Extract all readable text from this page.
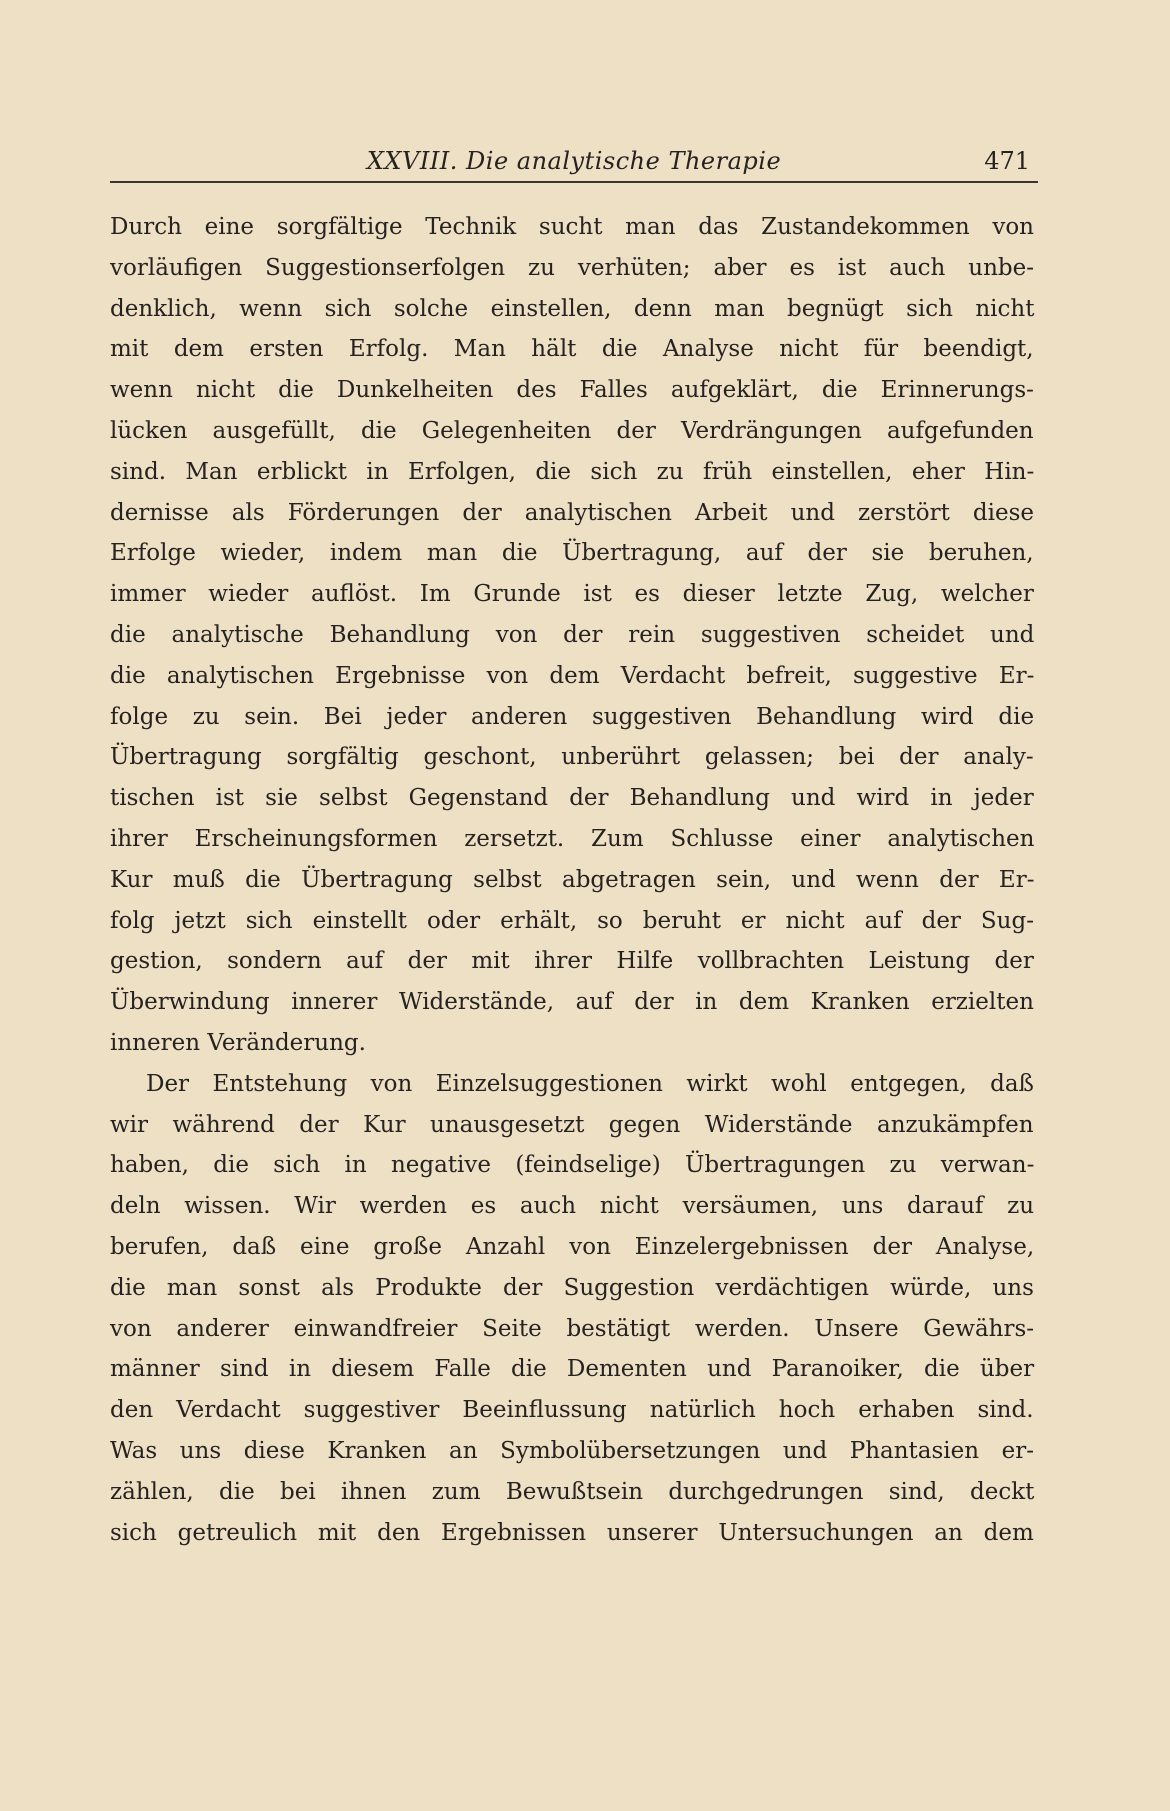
XXVIII. Die analytische Therapie	471
Durch eine sorgfältige Technik sucht man das Zustandekommen von
vorläufigen Suggestionserfolgen zu verhüten; aber es ist auch unbe-
denklich, wenn sich solche einstellen, denn man begnügt sich nicht
mit dem ersten Erfolg. Man hält die Analyse nicht für beendigt,
wenn nicht die Dunkelheiten des Falles aufgeklärt, die Erinnerungs-
lücken ausgefüllt, die Gelegenheiten der Verdrängungen aufgefunden
sind. Man erblickt in Erfolgen, die sich zu früh einstellen, eher Hin-
dernisse als Förderungen der analytischen Arbeit und zerstört diese
Erfolge wieder, indem man die Übertragung, auf der sie beruhen,
immer wieder auflöst. Im Grunde ist es dieser letzte Zug, welcher
die analytische Behandlung von der rein suggestiven scheidet und
die analytischen Ergebnisse von dem Verdacht befreit, suggestive Er-
folge zu sein. Bei jeder anderen suggestiven Behandlung wird die
Übertragung sorgfältig geschont, unberührt gelassen; bei der analy-
tischen ist sie selbst Gegenstand der Behandlung und wird in jeder
ihrer Erscheinungsformen zersetzt. Zum Schlusse einer analytischen
Kur muß die Übertragung selbst abgetragen sein, und wenn der Er-
folg jetzt sich einstellt oder erhält, so beruht er nicht auf der Sug-
gestion, sondern auf der mit ihrer Hilfe vollbrachten Leistung der
Überwindung innerer Widerstände, auf der in dem Kranken erzielten
inneren Veränderung.
Der Entstehung von Einzelsuggestionen wirkt wohl entgegen, daß
wir während der Kur unausgesetzt gegen Widerstände anzukämpfen
haben, die sich in negative (feindselige) Übertragungen zu verwan-
deln wissen. Wir werden es auch nicht versäumen, uns darauf zu
berufen, daß eine große Anzahl von Einzelergebnissen der Analyse,
die man sonst als Produkte der Suggestion verdächtigen würde, uns
von anderer einwandfreier Seite bestätigt werden. Unsere Gewährs-
männer sind in diesem Falle die Dementen und Paranoiker, die über
den Verdacht suggestiver Beeinflussung natürlich hoch erhaben sind.
Was uns diese Kranken an Symbolübersetzungen und Phantasien er-
zählen, die bei ihnen zum Bewußtsein durchgedrungen sind, deckt
sich getreulich mit den Ergebnissen unserer Untersuchungen an dem
